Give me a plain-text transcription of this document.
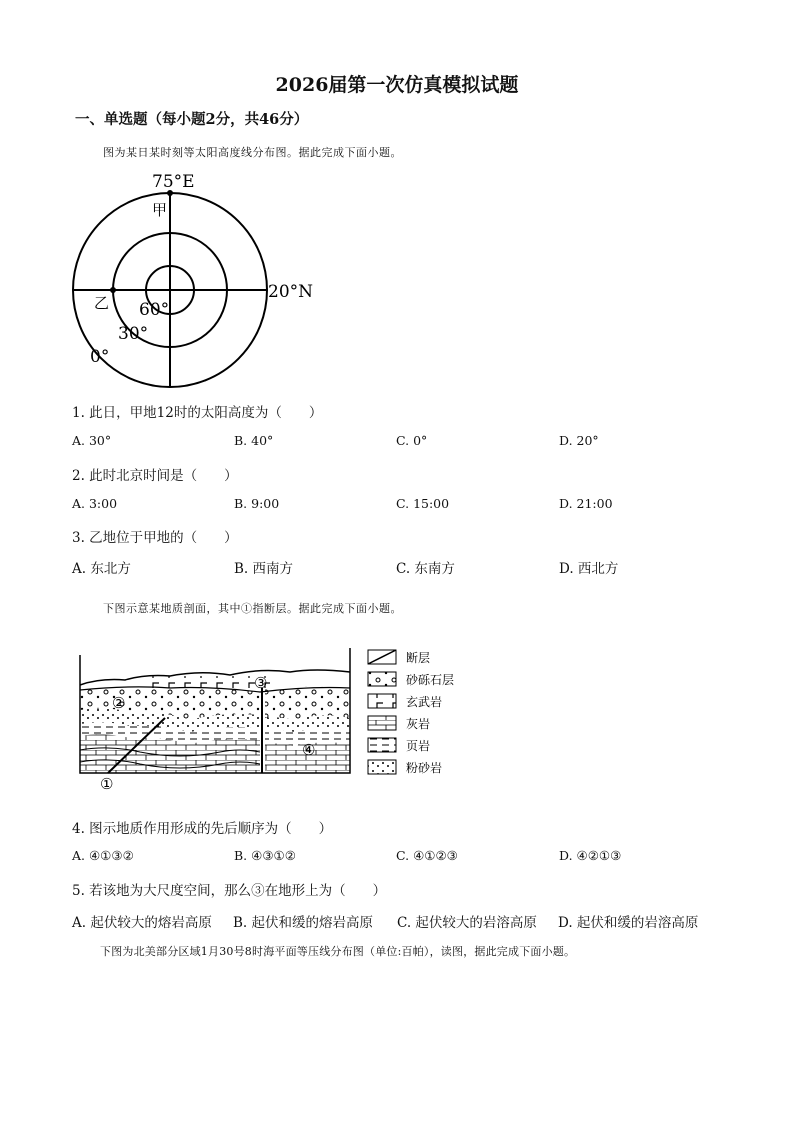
2026届第一次仿真模拟试题
一、单选题（每小题2分，共46分）
图为某日某时刻等太阳高度线分布图。据此完成下面小题。
75°E
20°N
甲
乙 60°
30°
0°
1. 此日，甲地12时的太阳高度为（　　）
A. 30°	B. 40°	C. 0°	D. 20°
2. 此时北京时间是（　　）
A. 3:00	B. 9:00	C. 15:00	D. 21:00
3. 乙地位于甲地的（　　）
A. 东北方	B. 西南方	C. 东南方	D. 西北方
下图示意某地质剖面，其中①指断层。据此完成下面小题。
断层
砂砾石层
玄武岩
灰岩
页岩
粉砂岩
①
②
③
④
4. 图示地质作用形成的先后顺序为（　　）
A. ④①③②	B. ④③①②	C. ④①②③	D. ④②①③
5. 若该地为大尺度空间，那么③在地形上为（　　）
A. 起伏较大的熔岩高原 B. 起伏和缓的熔岩高原 C. 起伏较大的岩溶高原 D. 起伏和缓的岩溶高原
下图为北美部分区域1月30号8时海平面等压线分布图（单位:百帕），读图，据此完成下面小题。
